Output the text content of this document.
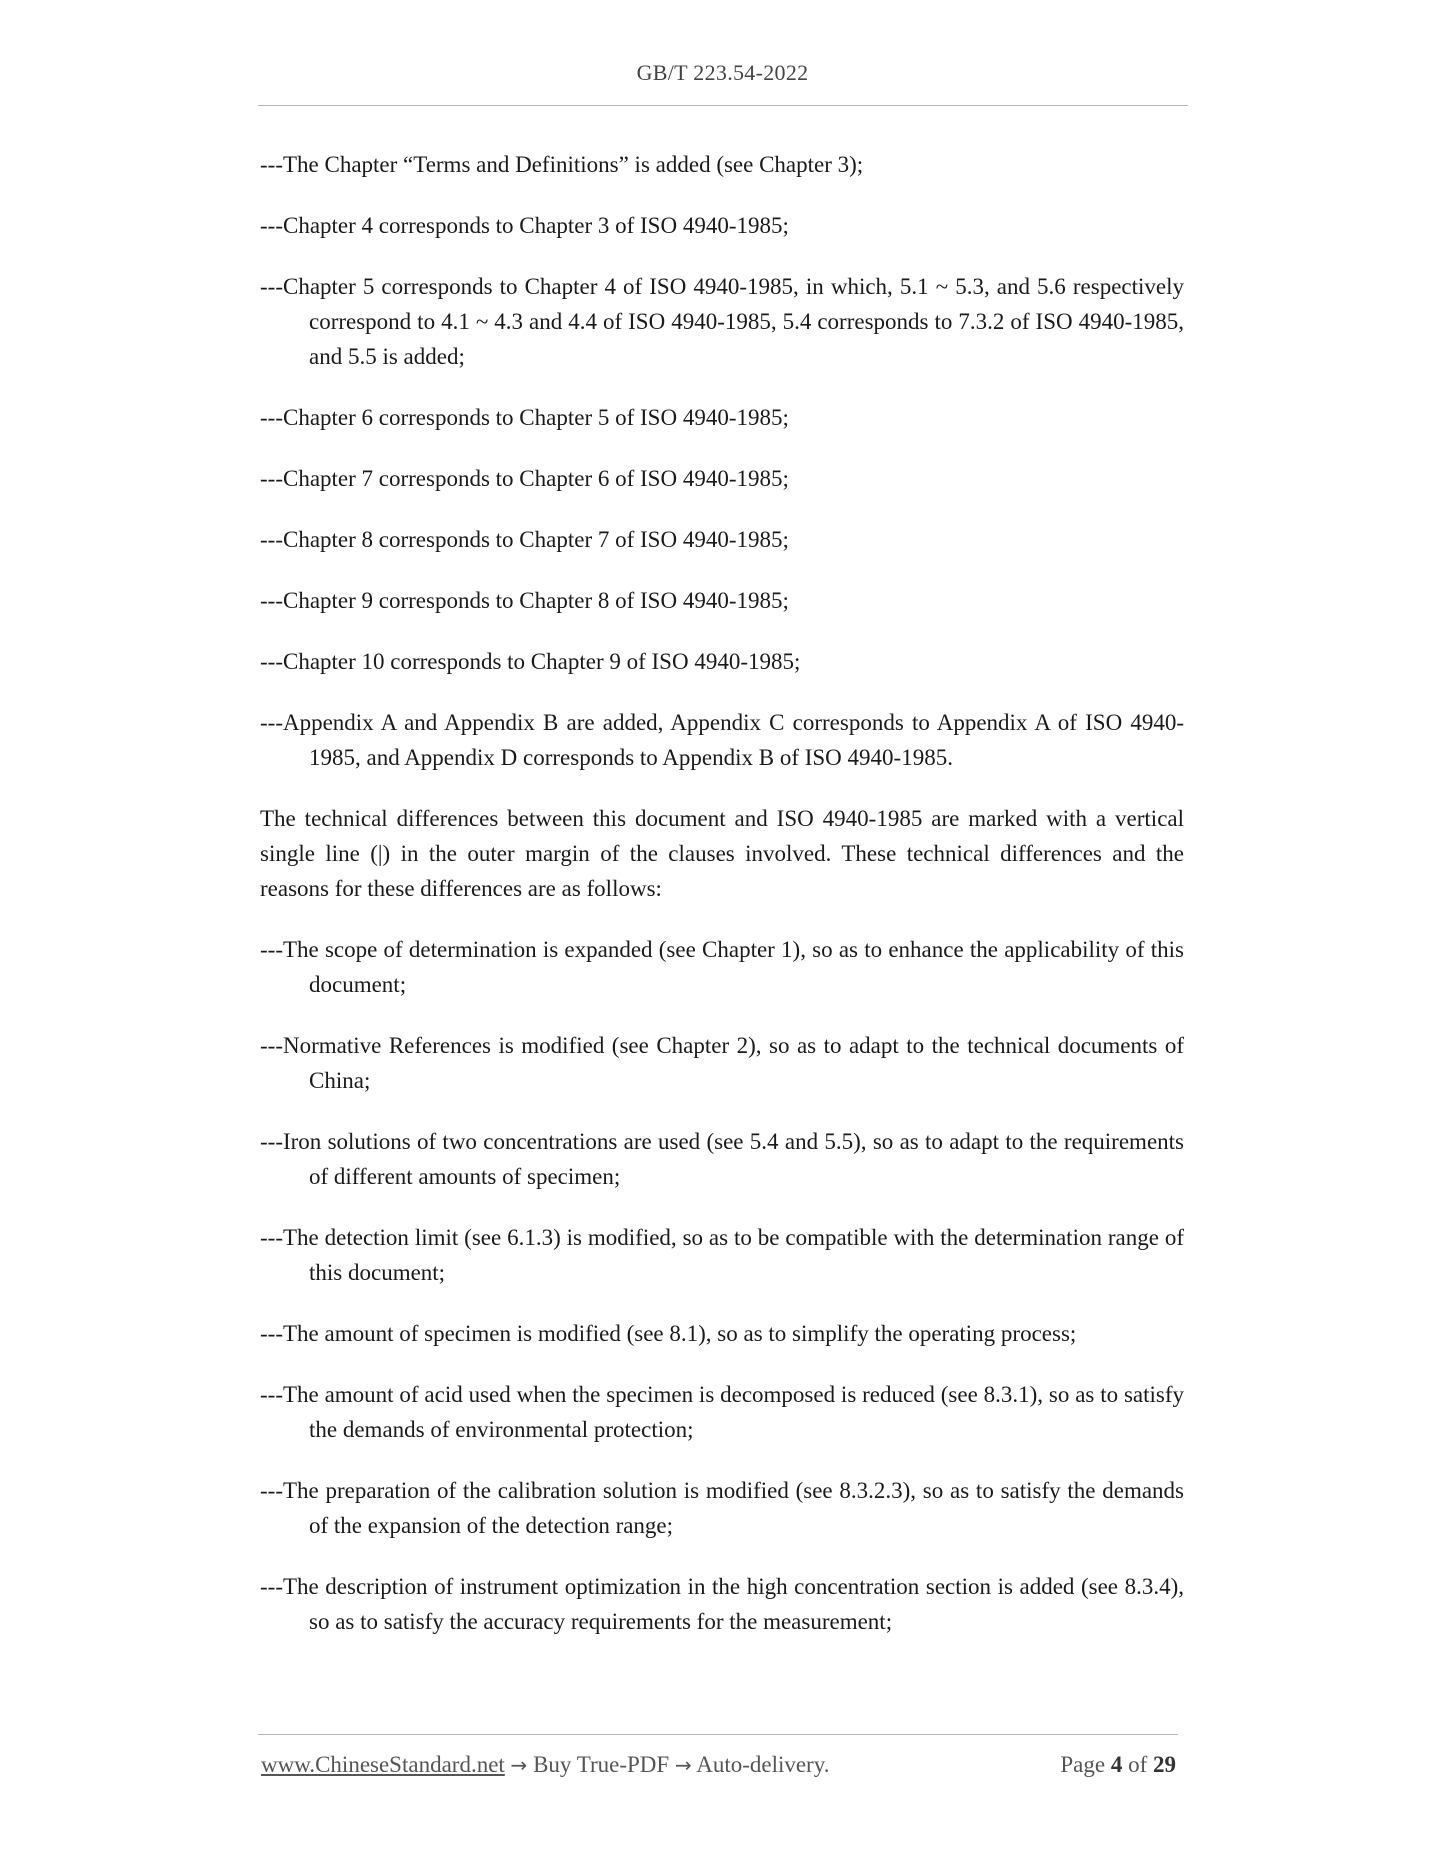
GB/T 223.54-2022
---The Chapter “Terms and Definitions” is added (see Chapter 3);
---Chapter 4 corresponds to Chapter 3 of ISO 4940-1985;
---Chapter 5 corresponds to Chapter 4 of ISO 4940-1985, in which, 5.1 ~ 5.3, and 5.6 respectively correspond to 4.1 ~ 4.3 and 4.4 of ISO 4940-1985, 5.4 corresponds to 7.3.2 of ISO 4940-1985, and 5.5 is added;
---Chapter 6 corresponds to Chapter 5 of ISO 4940-1985;
---Chapter 7 corresponds to Chapter 6 of ISO 4940-1985;
---Chapter 8 corresponds to Chapter 7 of ISO 4940-1985;
---Chapter 9 corresponds to Chapter 8 of ISO 4940-1985;
---Chapter 10 corresponds to Chapter 9 of ISO 4940-1985;
---Appendix A and Appendix B are added, Appendix C corresponds to Appendix A of ISO 4940-1985, and Appendix D corresponds to Appendix B of ISO 4940-1985.
The technical differences between this document and ISO 4940-1985 are marked with a vertical single line (|) in the outer margin of the clauses involved. These technical differences and the reasons for these differences are as follows:
---The scope of determination is expanded (see Chapter 1), so as to enhance the applicability of this document;
---Normative References is modified (see Chapter 2), so as to adapt to the technical documents of China;
---Iron solutions of two concentrations are used (see 5.4 and 5.5), so as to adapt to the requirements of different amounts of specimen;
---The detection limit (see 6.1.3) is modified, so as to be compatible with the determination range of this document;
---The amount of specimen is modified (see 8.1), so as to simplify the operating process;
---The amount of acid used when the specimen is decomposed is reduced (see 8.3.1), so as to satisfy the demands of environmental protection;
---The preparation of the calibration solution is modified (see 8.3.2.3), so as to satisfy the demands of the expansion of the detection range;
---The description of instrument optimization in the high concentration section is added (see 8.3.4), so as to satisfy the accuracy requirements for the measurement;
www.ChineseStandard.net → Buy True-PDF → Auto-delivery.	Page 4 of 29
